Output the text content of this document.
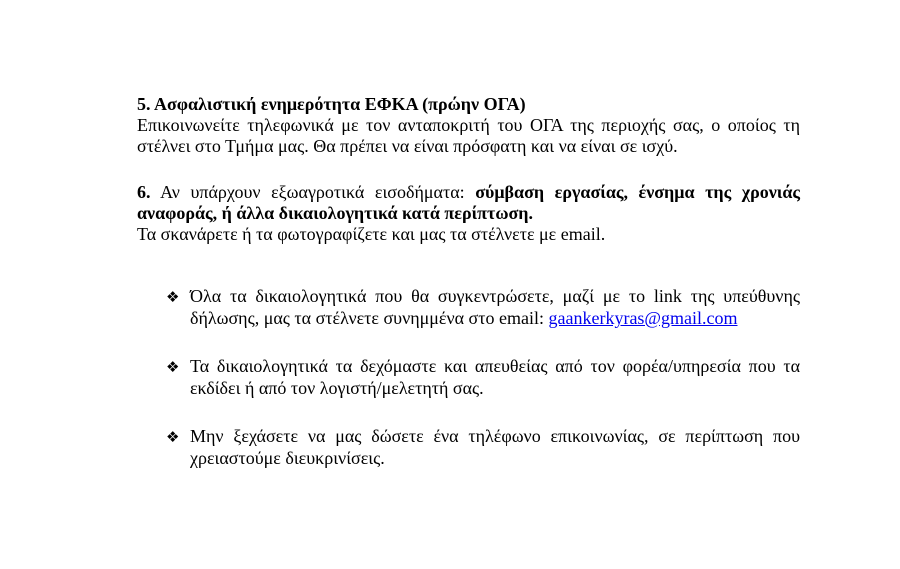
5. Ασφαλιστική ενημερότητα ΕΦΚΑ (πρώην ΟΓΑ)

Επικοινωνείτε τηλεφωνικά με τον ανταποκριτή του ΟΓΑ της περιοχής σας, ο οποίος τη στέλνει στο Τμήμα μας. Θα πρέπει να είναι πρόσφατη και να είναι σε ισχύ.

6. Αν υπάρχουν εξωαγροτικά εισοδήματα: σύμβαση εργασίας, ένσημα της χρονιάς αναφοράς, ή άλλα δικαιολογητικά κατά περίπτωση.

Τα σκανάρετε ή τα φωτογραφίζετε και μας τα στέλνετε με email.

❖ Όλα τα δικαιολογητικά που θα συγκεντρώσετε, μαζί με το link της υπεύθυνης δήλωσης, μας τα στέλνετε συνημμένα στο email: gaankerkyras@gmail.com
❖ Τα δικαιολογητικά τα δεχόμαστε και απευθείας από τον φορέα/υπηρεσία που τα εκδίδει ή από τον λογιστή/μελετητή σας.
❖ Μην ξεχάσετε να μας δώσετε ένα τηλέφωνο επικοινωνίας, σε περίπτωση που χρειαστούμε διευκρινίσεις.
